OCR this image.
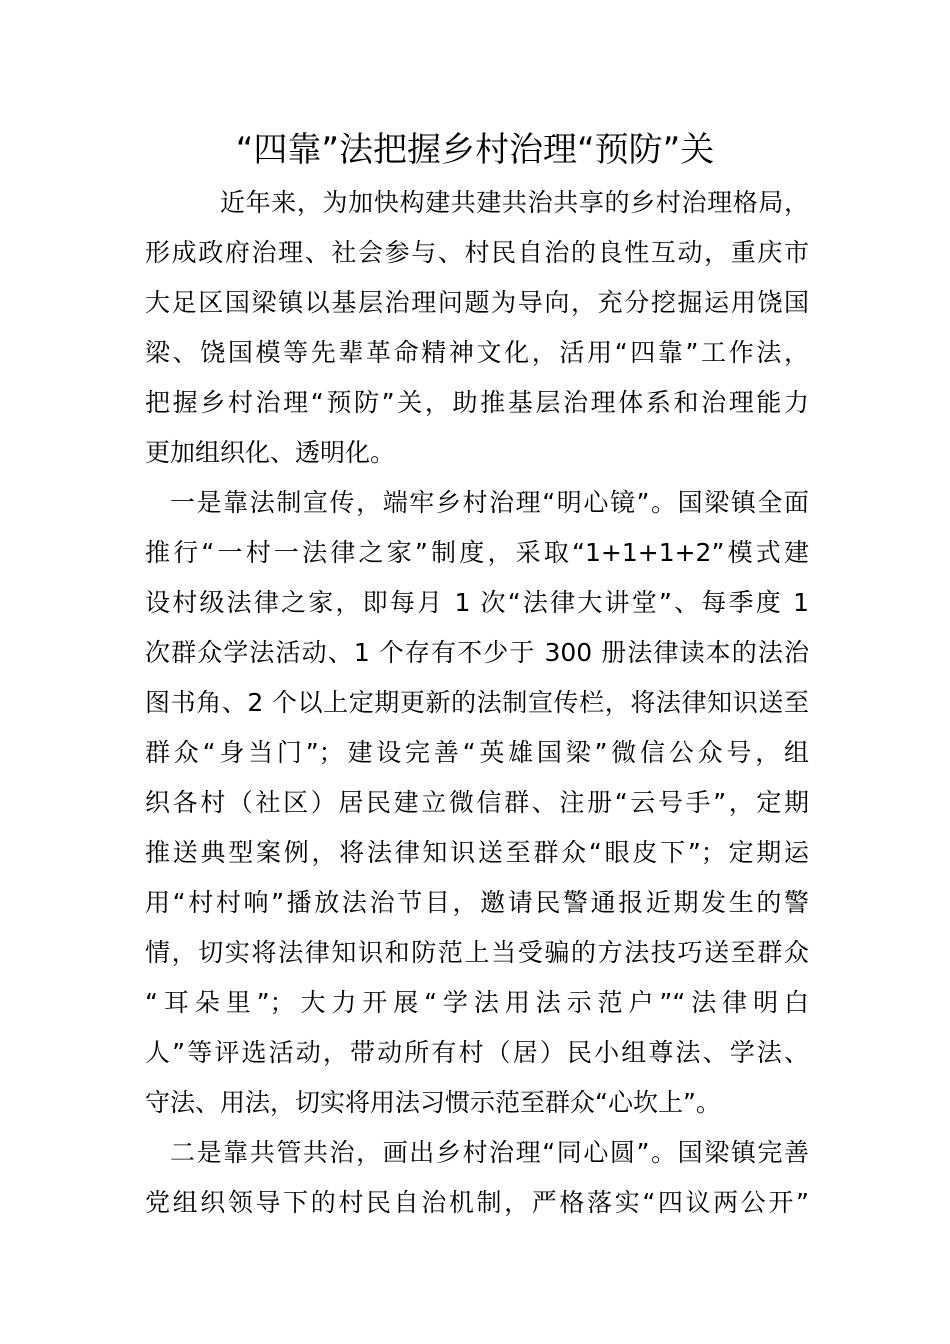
“四靠”法把握乡村治理“预防”关
近年来，为加快构建共建共治共享的乡村治理格局，
形成政府治理、社会参与、村民自治的良性互动，重庆市
大足区国梁镇以基层治理问题为导向，充分挖掘运用饶国
梁、饶国模等先辈革命精神文化，活用“四靠”工作法，
把握乡村治理“预防”关，助推基层治理体系和治理能力
更加组织化、透明化。
一是靠法制宣传，端牢乡村治理“明心镜”。国梁镇全面
推行“一村一法律之家”制度，采取“1+1+1+2”模式建
设村级法律之家，即每月 1 次“法律大讲堂”、每季度 1
次群众学法活动、1 个存有不少于 300 册法律读本的法治
图书角、2 个以上定期更新的法制宣传栏，将法律知识送至
群众“身当门”；建设完善“英雄国梁”微信公众号，组
织各村（社区）居民建立微信群、注册“云号手”，定期
推送典型案例，将法律知识送至群众“眼皮下”；定期运
用“村村响”播放法治节目，邀请民警通报近期发生的警
情，切实将法律知识和防范上当受骗的方法技巧送至群众
“耳朵里”；大力开展“学法用法示范户”“法律明白
人”等评选活动，带动所有村（居）民小组尊法、学法、
守法、用法，切实将用法习惯示范至群众“心坎上”。
二是靠共管共治，画出乡村治理“同心圆”。国梁镇完善
党组织领导下的村民自治机制，严格落实“四议两公开”
